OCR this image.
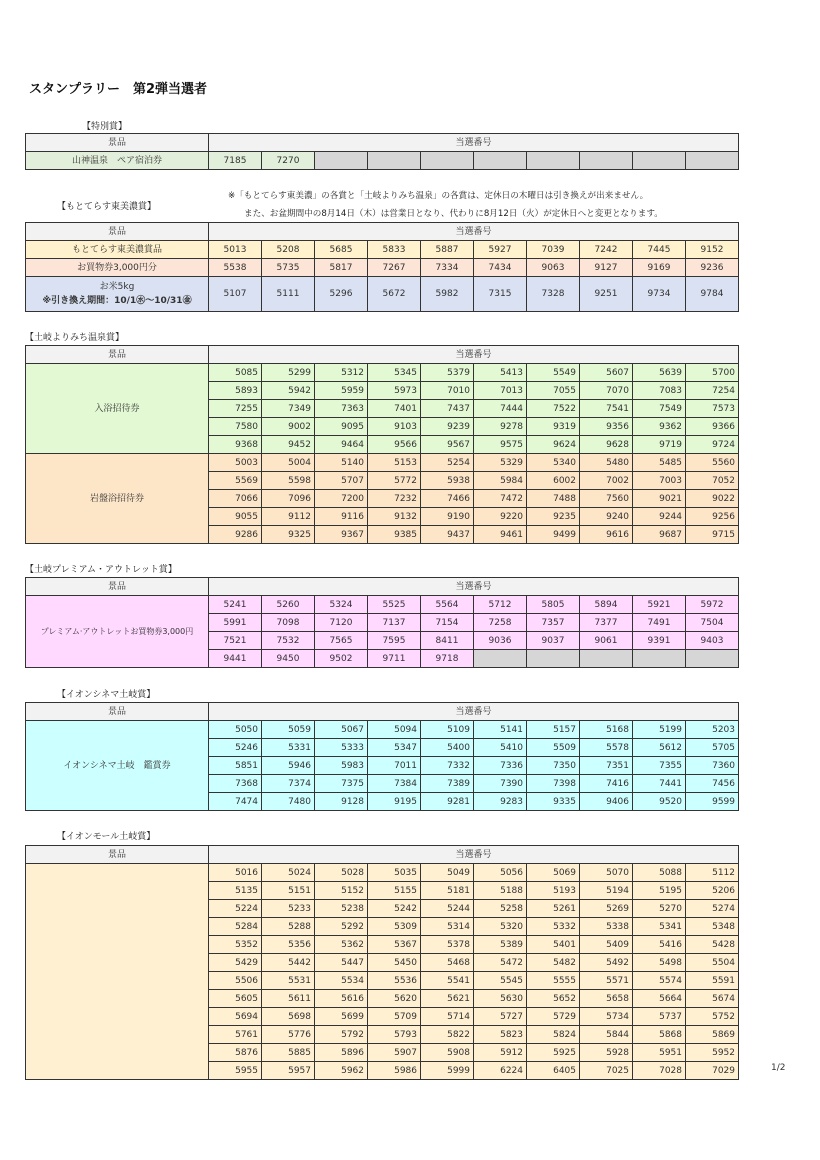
スタンプラリー　第2弾当選者
【特別賞】
景品	当選番号									
山神温泉　ペア宿泊券	7185	7270								
【もとてらす東美濃賞】
※「もとてらす東美濃」の各賞と「土岐よりみち温泉」の各賞は、定休日の木曜日は引き換えが出来ません。
また、お盆期間中の8月14日（木）は営業日となり、代わりに8月12日（火）が定休日へと変更となります。
景品	当選番号									
もとてらす東美濃賞品	5013	5208	5685	5833	5887	5927	7039	7242	7445	9152
お買物券3,000円分	5538	5735	5817	7267	7334	7434	9063	9127	9169	9236

お米5kg
※引き換え期間：10/1㊌～10/31㊎	5107	5111	5296	5672	5982	7315	7328	9251	9734	9784
【土岐よりみち温泉賞】
景品	当選番号									
入浴招待券	5085	5299	5312	5345	5379	5413	5549	5607	5639	5700
	5893	5942	5959	5973	7010	7013	7055	7070	7083	7254
	7255	7349	7363	7401	7437	7444	7522	7541	7549	7573
	7580	9002	9095	9103	9239	9278	9319	9356	9362	9366
	9368	9452	9464	9566	9567	9575	9624	9628	9719	9724
岩盤浴招待券	5003	5004	5140	5153	5254	5329	5340	5480	5485	5560
	5569	5598	5707	5772	5938	5984	6002	7002	7003	7052
	7066	7096	7200	7232	7466	7472	7488	7560	9021	9022
	9055	9112	9116	9132	9190	9220	9235	9240	9244	9256
	9286	9325	9367	9385	9437	9461	9499	9616	9687	9715
【土岐プレミアム・アウトレット賞】
景品	当選番号									
プレミアム·アウトレットお買物券3,000円	5241	5260	5324	5525	5564	5712	5805	5894	5921	5972
	5991	7098	7120	7137	7154	7258	7357	7377	7491	7504
	7521	7532	7565	7595	8411	9036	9037	9061	9391	9403
	9441	9450	9502	9711	9718					
【イオンシネマ土岐賞】
景品	当選番号									
イオンシネマ土岐　鑑賞券	5050	5059	5067	5094	5109	5141	5157	5168	5199	5203
	5246	5331	5333	5347	5400	5410	5509	5578	5612	5705
	5851	5946	5983	7011	7332	7336	7350	7351	7355	7360
	7368	7374	7375	7384	7389	7390	7398	7416	7441	7456
	7474	7480	9128	9195	9281	9283	9335	9406	9520	9599
【イオンモール土岐賞】
景品	当選番号									
	5016	5024	5028	5035	5049	5056	5069	5070	5088	5112
	5135	5151	5152	5155	5181	5188	5193	5194	5195	5206
	5224	5233	5238	5242	5244	5258	5261	5269	5270	5274
	5284	5288	5292	5309	5314	5320	5332	5338	5341	5348
	5352	5356	5362	5367	5378	5389	5401	5409	5416	5428
	5429	5442	5447	5450	5468	5472	5482	5492	5498	5504
	5506	5531	5534	5536	5541	5545	5555	5571	5574	5591
	5605	5611	5616	5620	5621	5630	5652	5658	5664	5674
	5694	5698	5699	5709	5714	5727	5729	5734	5737	5752
	5761	5776	5792	5793	5822	5823	5824	5844	5868	5869
	5876	5885	5896	5907	5908	5912	5925	5928	5951	5952
	5955	5957	5962	5986	5999	6224	6405	7025	7028	7029	1/2
